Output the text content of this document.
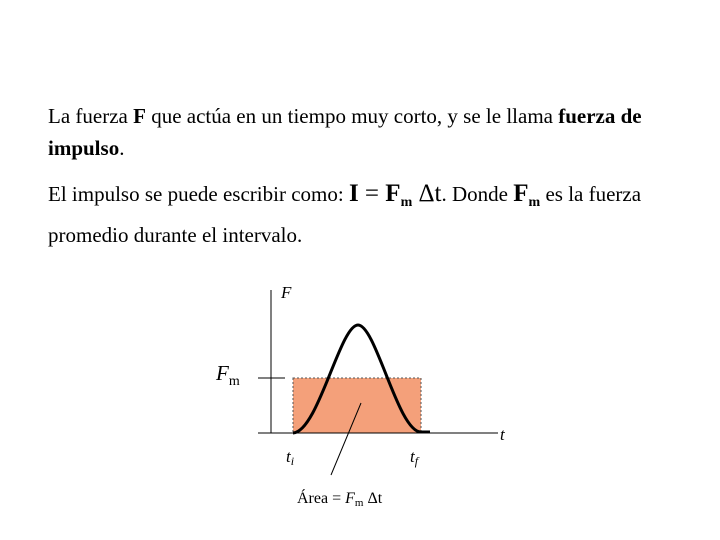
La fuerza F que actúa en un tiempo muy corto, y se le llama fuerza de impulso.

El impulso se puede escribir como: $I = F_m$ Δt. Donde $F_m$ es la fuerza promedio durante el intervalo.

F
t
$F_m$
ti	tf
Área = Fm Δt
